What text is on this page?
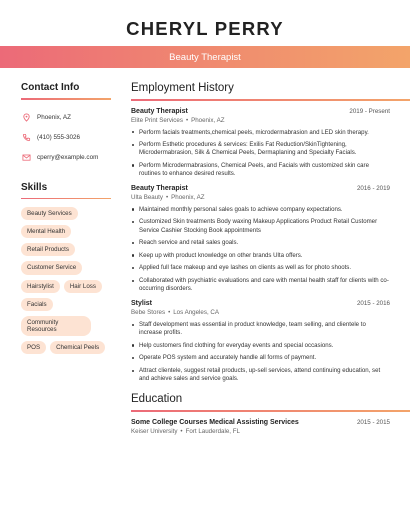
CHERYL PERRY
Beauty Therapist
Contact Info
Phoenix, AZ
(410) 555-3026
cperry@example.com
Skills
Beauty Services
Mental Health
Retail Products
Customer Service
Hairstylist	Hair Loss
Facials
Community Resources
POS	Chemical Peels
Employment History
Beauty Therapist	2019 - Present
Elite Print Services • Phoenix, AZ
Perform facials treatments,chemical peels, microdermabrasion and LED skin therapy.
Perform Esthetic procedures & services: Exilis Fat Reduction/SkinTightening, Microdermabrasion, Silk & Chemical Peels, Dermaplaning and Specialty Facials.
Perform Microdermabrasions, Chemical Peels, and Facials with customized skin care routines to enhance desired results.
Beauty Therapist	2016 - 2019
Ulta Beauty • Phoenix, AZ
Maintained monthly personal sales goals to achieve company expectations.
Customized Skin treatments Body waxing Makeup Applications Product Retail Customer Service Cashier Stocking Book appointments
Reach service and retail sales goals.
Keep up with product knowledge on other brands Ulta offers.
Applied full face makeup and eye lashes on clients as well as for photo shoots.
Collaborated with psychiatric evaluations and care with mental health staff for clients with co-occurring disorders.
Stylist	2015 - 2016
Bebe Stores • Los Angeles, CA
Staff development was essential in product knowledge, team selling, and clientele to increase profits.
Help customers find clothing for everyday events and special occasions.
Operate POS system and accurately handle all forms of payment.
Attract clientele, suggest retail products, up-sell services, attend continuing education, set and achieve sales and service goals.
Education
Some College Courses Medical Assisting Services	2015 - 2015
Keiser University • Fort Lauderdale, FL
